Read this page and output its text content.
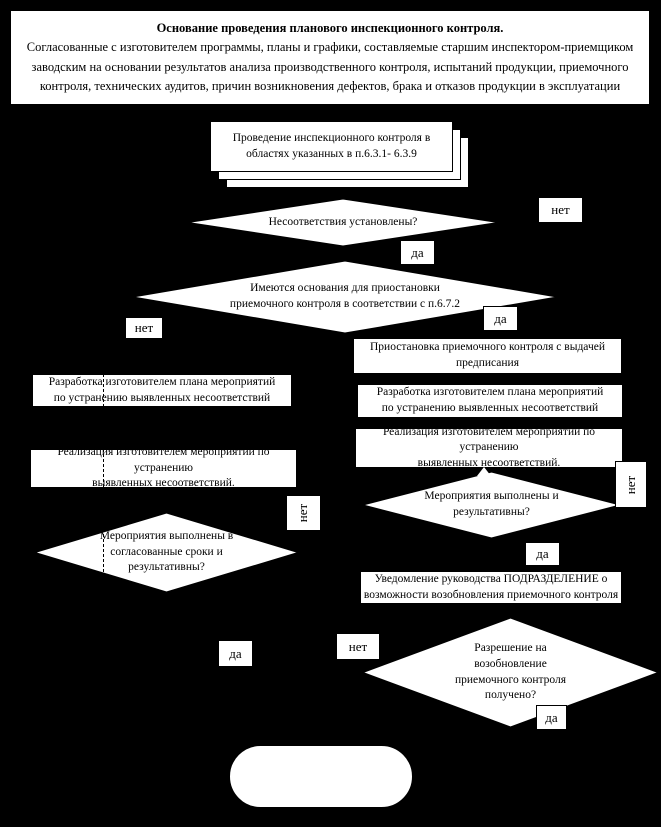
Основание проведения планового инспекционного контроля.
Согласованные с изготовителем программы, планы и графики, составляемые старшим инспектором-приемщиком
заводским на основании результатов анализа производственного контроля, испытаний продукции, приемочного
контроля, технических аудитов, причин возникновения дефектов, брака и отказов продукции в эксплуатации
Проведение инспекционного контроля в
областях указанных в п.6.3.1- 6.3.9
Несоответствия установлены?
нет
да
Имеются основания для приостановки
приемочного контроля в соответствии с п.6.7.2
да
нет
Приостановка приемочного контроля с выдачей
предписания
Разработка изготовителем плана мероприятий
по устранению выявленных несоответствий	Разработка изготовителем плана мероприятий
по устранению выявленных несоответствий
Реализация изготовителем мероприятий по устранению
выявленных несоответствий.
Реализация изготовителем мероприятий по устранению
выявленных несоответствий.
Мероприятия выполнены и
результативны?
нет
да
Мероприятия выполнены в
согласованные сроки и
результативны?
нет
Уведомление руководства ПОДРАЗДЕЛЕНИЕ о
возможности возобновления приемочного контроля
Разрешение на
возобновление
приемочного контроля
получено?
нет
да
да
